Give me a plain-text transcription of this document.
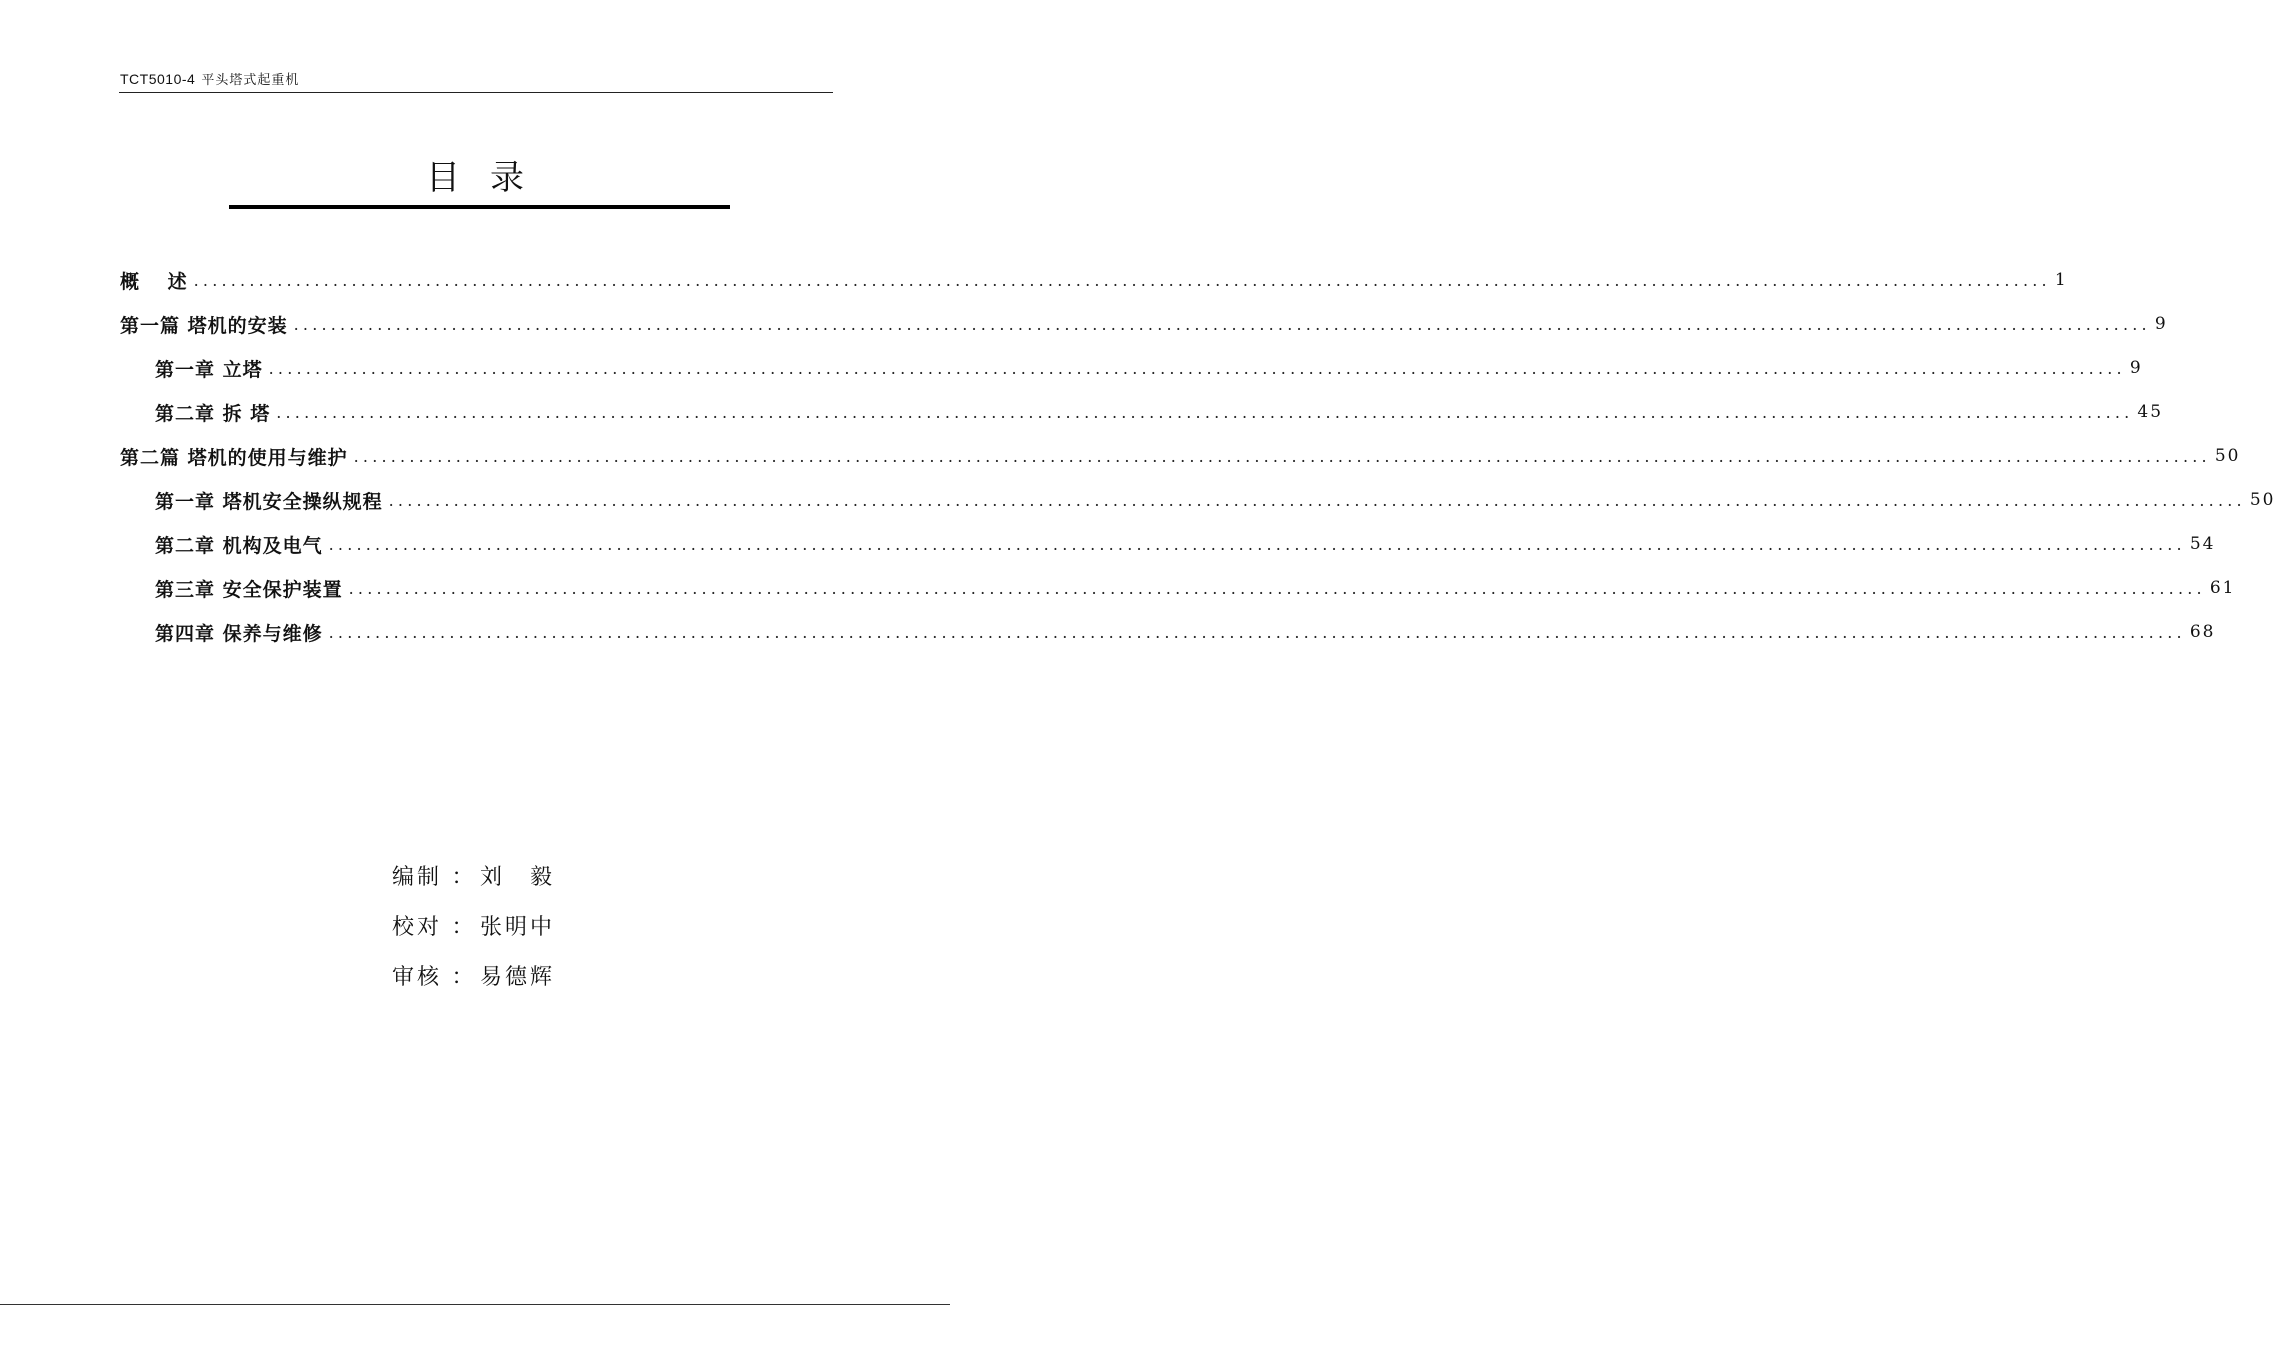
TCT5010-4 平头塔式起重机
目录
概　 述 ........................................................................................................................................................................................................ 1
第一篇 塔机的安装 ........................................................................................................................................................................................................ 9
第一章 立塔 ........................................................................................................................................................................................................ 9
第二章 拆 塔 ........................................................................................................................................................................................................ 45
第二篇 塔机的使用与维护 ........................................................................................................................................................................................................ 50
第一章 塔机安全操纵规程 ........................................................................................................................................................................................................ 50
第二章 机构及电气 ........................................................................................................................................................................................................ 54
第三章 安全保护装置 ........................................................................................................................................................................................................ 61
第四章 保养与维修 ........................................................................................................................................................................................................ 68
编制 ： 刘　毅
校对 ： 张明中
审核 ： 易德辉
